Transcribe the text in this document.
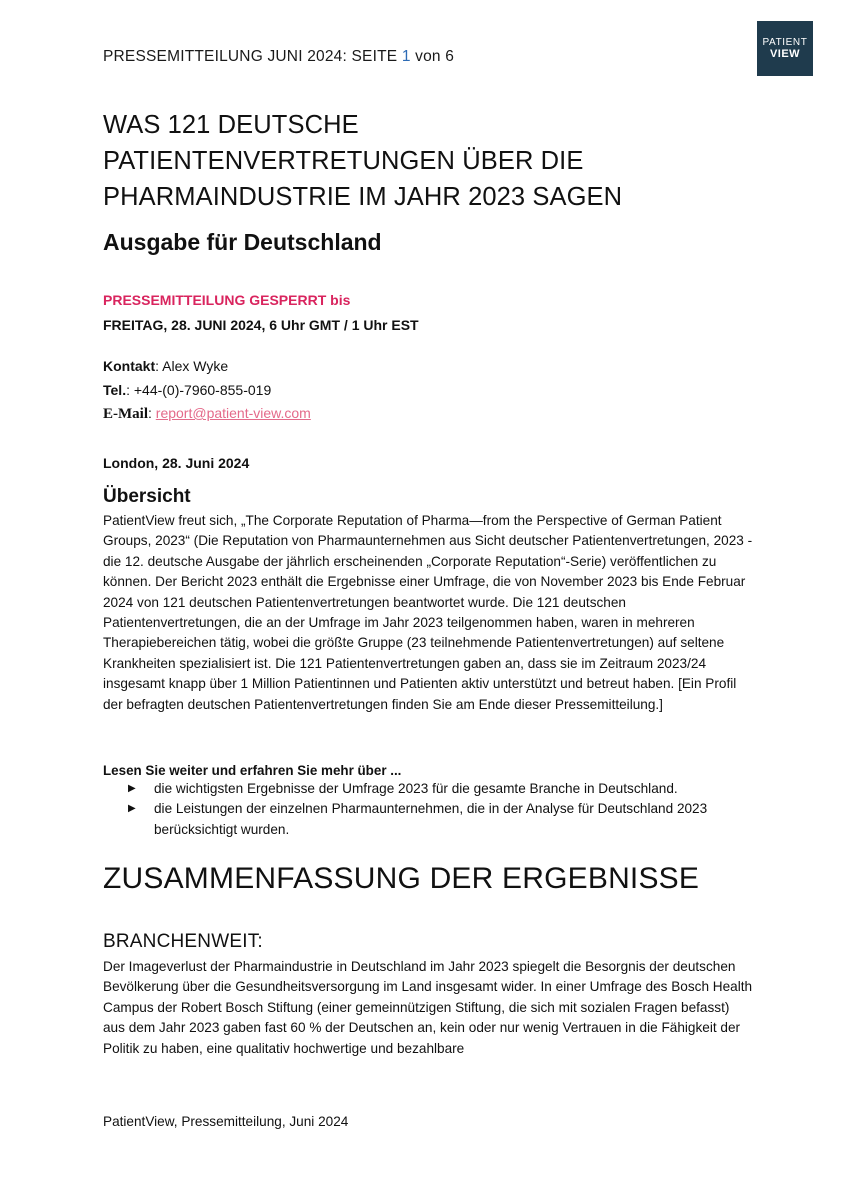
PRESSEMITTEILUNG JUNI 2024: SEITE 1 von 6
PATIENT
VIEW
WAS 121 DEUTSCHE
PATIENTENVERTRETUNGEN ÜBER DIE
PHARMAINDUSTRIE IM JAHR 2023 SAGEN
Ausgabe für Deutschland
PRESSEMITTEILUNG GESPERRT bis
FREITAG, 28. JUNI 2024, 6 Uhr GMT / 1 Uhr EST
Kontakt: Alex Wyke
Tel.: +44-(0)-7960-855-019
E-Mail: report@patient-view.com
London, 28. Juni 2024
Übersicht
PatientView freut sich, „The Corporate Reputation of Pharma—from the Perspective of German Patient Groups, 2023“ (Die Reputation von Pharmaunternehmen aus Sicht deutscher Patientenvertretungen, 2023 - die 12. deutsche Ausgabe der jährlich erscheinenden „Corporate Reputation“-Serie) veröffentlichen zu können. Der Bericht 2023 enthält die Ergebnisse einer Umfrage, die von November 2023 bis Ende Februar 2024 von 121 deutschen Patientenvertretungen beantwortet wurde. Die 121 deutschen Patientenvertretungen, die an der Umfrage im Jahr 2023 teilgenommen haben, waren in mehreren Therapiebereichen tätig, wobei die größte Gruppe (23 teilnehmende Patientenvertretungen) auf seltene Krankheiten spezialisiert ist. Die 121 Patientenvertretungen gaben an, dass sie im Zeitraum 2023/24 insgesamt knapp über 1 Million Patientinnen und Patienten aktiv unterstützt und betreut haben. [Ein Profil der befragten deutschen Patientenvertretungen finden Sie am Ende dieser Pressemitteilung.]
Lesen Sie weiter und erfahren Sie mehr über ...
▶ die wichtigsten Ergebnisse der Umfrage 2023 für die gesamte Branche in Deutschland.
▶ die Leistungen der einzelnen Pharmaunternehmen, die in der Analyse für Deutschland 2023 berücksichtigt wurden.
ZUSAMMENFASSUNG DER ERGEBNISSE
BRANCHENWEIT:
Der Imageverlust der Pharmaindustrie in Deutschland im Jahr 2023 spiegelt die Besorgnis der deutschen Bevölkerung über die Gesundheitsversorgung im Land insgesamt wider. In einer Umfrage des Bosch Health Campus der Robert Bosch Stiftung (einer gemeinnützigen Stiftung, die sich mit sozialen Fragen befasst) aus dem Jahr 2023 gaben fast 60 % der Deutschen an, kein oder nur wenig Vertrauen in die Fähigkeit der Politik zu haben, eine qualitativ hochwertige und bezahlbare
PatientView, Pressemitteilung, Juni 2024
